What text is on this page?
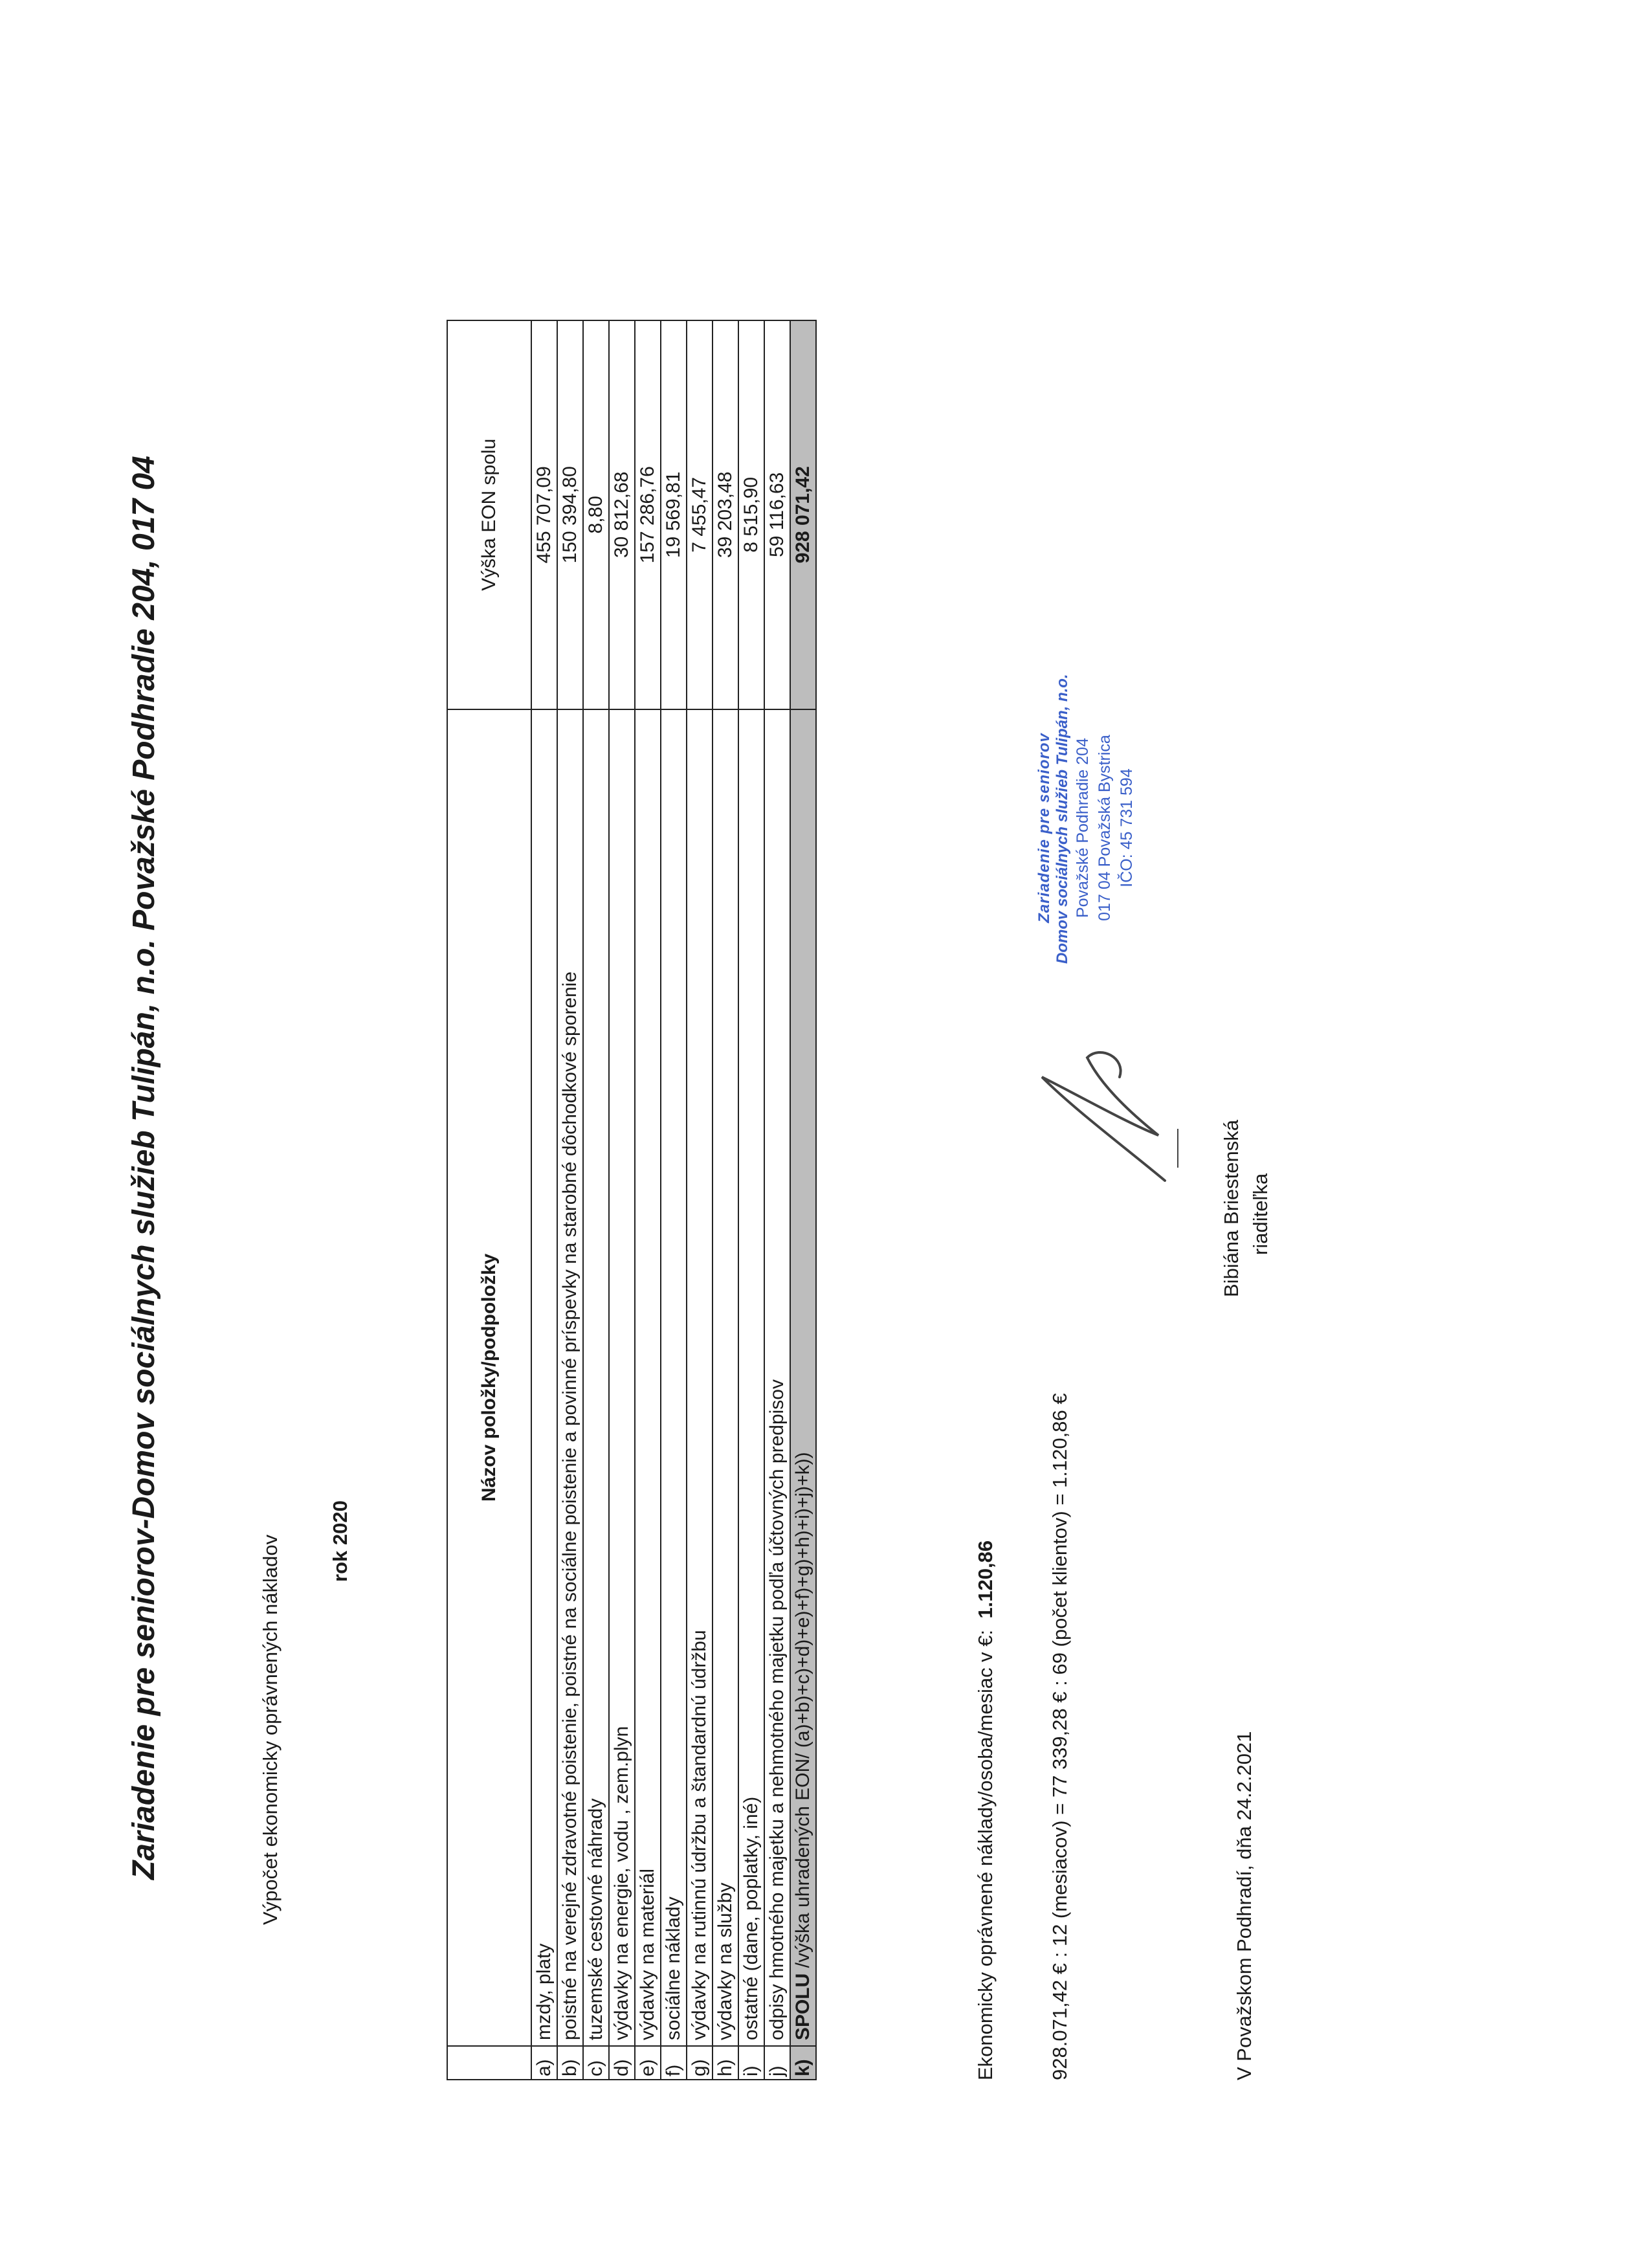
Zariadenie pre seniorov-Domov sociálnych služieb Tulipán, n.o. Považské Podhradie 204, 017 04	Výpočet ekonomicky oprávnených nákladov rok 2020
	Názov položky/podpoložky	Výška EON spolu
a)	mzdy, platy	455 707,09
b)	poistné na verejné zdravotné poistenie, poistné na sociálne poistenie a povinné príspevky na starobné dôchodkové sporenie	150 394,80
c)	tuzemské cestovné náhrady	8,80
d)	výdavky na energie, vodu , zem.plyn	30 812,68
e)	výdavky na materiál	157 286,76
f)	sociálne náklady	19 569,81
g)	výdavky na rutinnú údržbu a štandardnú údržbu	7 455,47
h)	výdavky na služby	39 203,48
i)	ostatné (dane, poplatky, iné)	8 515,90
j)	odpisy hmotného majetku a nehmotného majetku podľa účtovných predpisov	59 116,63
k)	SPOLU /výška uhradených EON/ (a)+b)+c)+d)+e)+f)+g)+h)+i)+j)+k))	928 071,42
Ekonomicky oprávnené náklady/osoba/mesiac v €:  1.120,86	928.071,42 € : 12 (mesiacov) = 77 339,28 € : 69 (počet klientov) = 1.120,86 €	V Považskom Podhradí, dňa 24.2.2021
Bibiána Briestenská riaditeľka
Zariadenie pre seniorov Domov sociálnych služieb Tulipán, n.o. Považské Podhradie 204 017 04 Považská Bystrica IČO: 45 731 594
